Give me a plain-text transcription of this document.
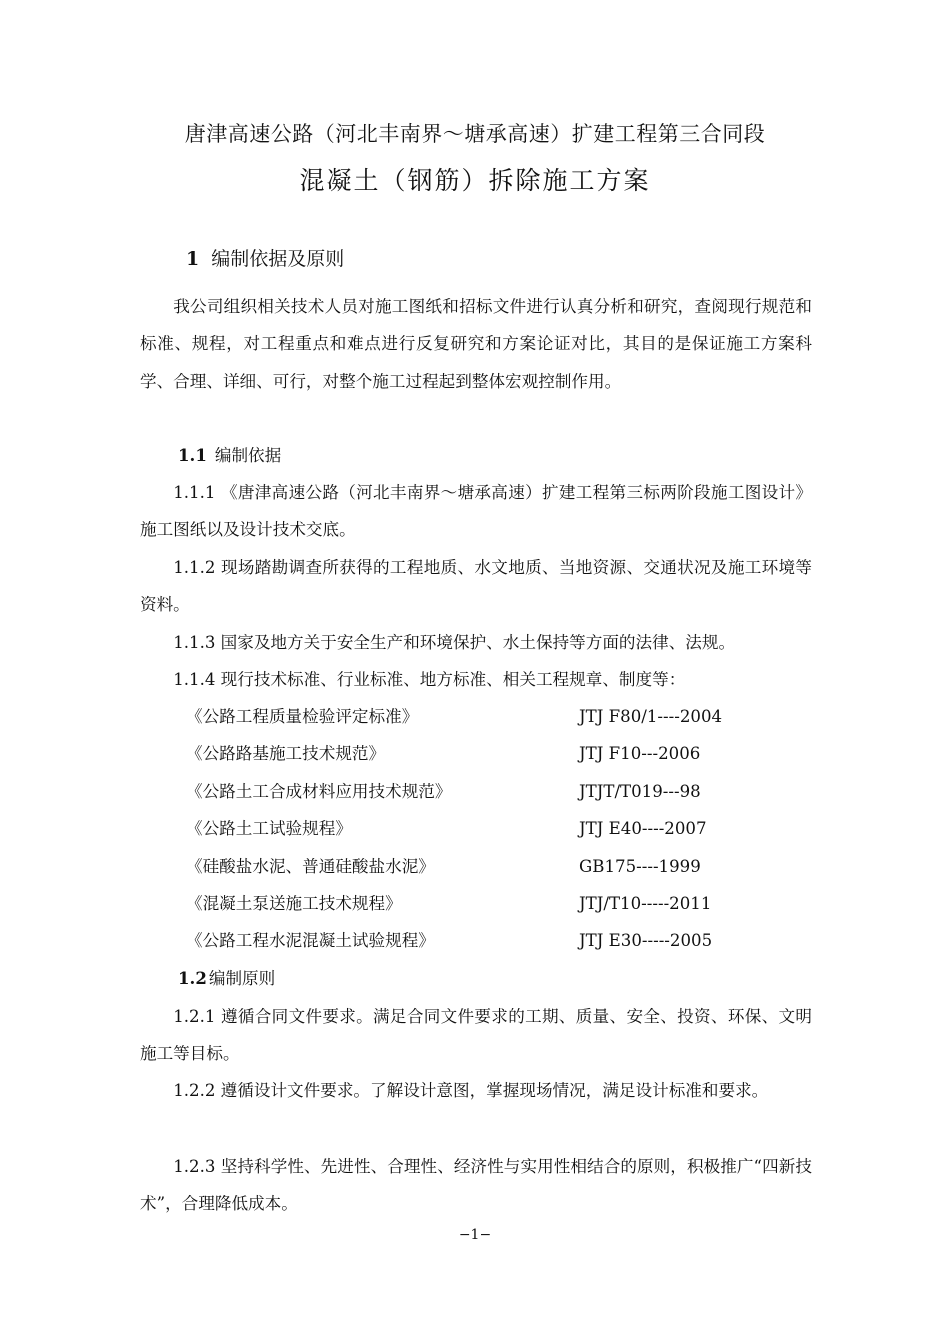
唐津高速公路（河北丰南界～塘承高速）扩建工程第三合同段
混凝土（钢筋）拆除施工方案
1 编制依据及原则

我公司组织相关技术人员对施工图纸和招标文件进行认真分析和研究，查阅现行规范和标准、规程，对工程重点和难点进行反复研究和方案论证对比，其目的是保证施工方案科学、合理、详细、可行，对整个施工过程起到整体宏观控制作用。

1.1 编制依据

1.1.1 《唐津高速公路（河北丰南界～塘承高速）扩建工程第三标两阶段施工图设计》施工图纸以及设计技术交底。

1.1.2 现场踏勘调查所获得的工程地质、水文地质、当地资源、交通状况及施工环境等资料。

1.1.3 国家及地方关于安全生产和环境保护、水土保持等方面的法律、法规。

1.1.4 现行技术标准、行业标准、地方标准、相关工程规章、制度等：

《公路工程质量检验评定标准》	JTJ F80/1----2004
《公路路基施工技术规范》	JTJ F10---2006
《公路土工合成材料应用技术规范》	JTJT/T019---98
《公路土工试验规程》	JTJ E40----2007
《硅酸盐水泥、普通硅酸盐水泥》	GB175----1999
《混凝土泵送施工技术规程》	JTJ/T10-----2011
《公路工程水泥混凝土试验规程》	JTJ E30-----2005
1.2 编制原则

1.2.1 遵循合同文件要求。满足合同文件要求的工期、质量、安全、投资、环保、文明施工等目标。

1.2.2 遵循设计文件要求。了解设计意图，掌握现场情况，满足设计标准和要求。

1.2.3 坚持科学性、先进性、合理性、经济性与实用性相结合的原则，积极推广“四新技术”，合理降低成本。

−1−
